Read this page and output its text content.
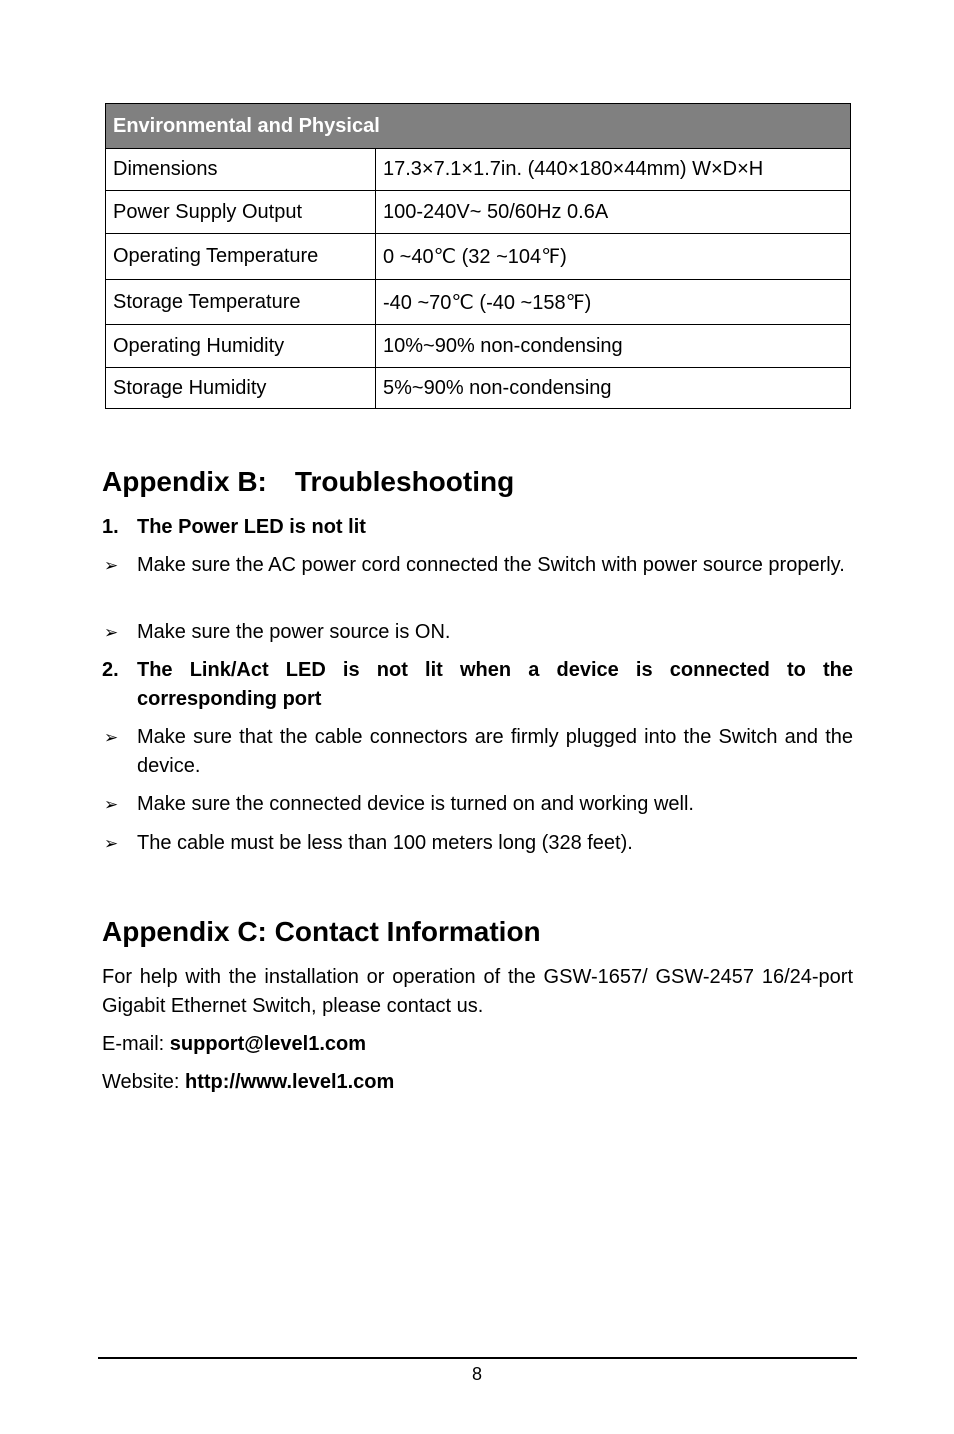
Environmental and Physical	
Dimensions	17.3×7.1×1.7in. (440×180×44mm) W×D×H
Power Supply Output	100-240V~ 50/60Hz 0.6A
Operating Temperature	0 ~40℃ (32 ~104℉)
Storage Temperature	-40 ~70℃ (-40 ~158℉)
Operating Humidity	10%~90% non-condensing
Storage Humidity	5%~90% non-condensing
Appendix B: Troubleshooting
1. The Power LED is not lit
➢ Make sure the AC power cord connected the Switch with power source properly.
➢ Make sure the power source is ON.
2. The Link/Act LED is not lit when a device is connected to the corresponding port
➢ Make sure that the cable connectors are firmly plugged into the Switch and the device.
➢ Make sure the connected device is turned on and working well.
➢ The cable must be less than 100 meters long (328 feet).
Appendix C: Contact Information
For help with the installation or operation of the GSW-1657/ GSW-2457 16/24-port Gigabit Ethernet Switch, please contact us.
E-mail: support@level1.com
Website: http://www.level1.com
8
